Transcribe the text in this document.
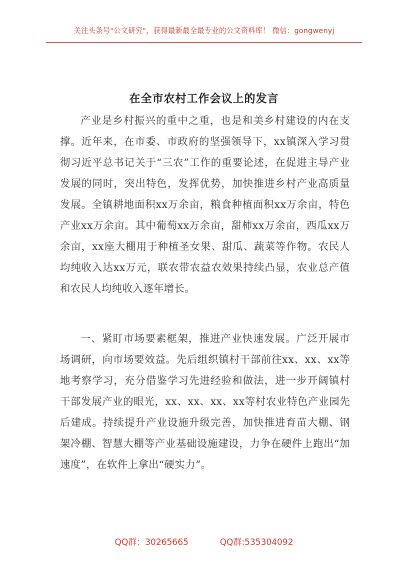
关注头条号"公文研究"，获得最新最全最专业的公文资料库！ 微信：gongwenyj
在全市农村工作会议上的发言

产业是乡村振兴的重中之重，也是和美乡村建设的内在支撑。近年来，在市委、市政府的坚强领导下，xx镇深入学习贯彻习近平总书记关于“三农”工作的重要论述，在促进主导产业发展的同时，突出特色，发挥优势，加快推进乡村产业高质量发展。全镇耕地面积xx万余亩，粮食种植面积xx万余亩，特色产业xx万余亩。其中葡萄xx万余亩，甜柿xx万余亩，西瓜xx万余亩，xx座大棚用于种植圣女果、甜瓜、蔬菜等作物。农民人均纯收入达xx万元，联农带农益农效果持续凸显，农业总产值和农民人均纯收入逐年增长。

一、紧盯市场要素框架，推进产业快速发展。广泛开展市场调研，向市场要效益。先后组织镇村干部前往xx、xx、xx等地考察学习，充分借鉴学习先进经验和做法，进一步开阔镇村干部发展产业的眼光，xx、xx、xx、xx等村农业特色产业园先后建成。持续提升产业设施升级完善，加快推进育苗大棚、钢架冷棚、智慧大棚等产业基础设施建设，力争在硬件上跑出“加速度”，在软件上拿出“硬实力”。

QQ群：30265665	QQ群:535304092
